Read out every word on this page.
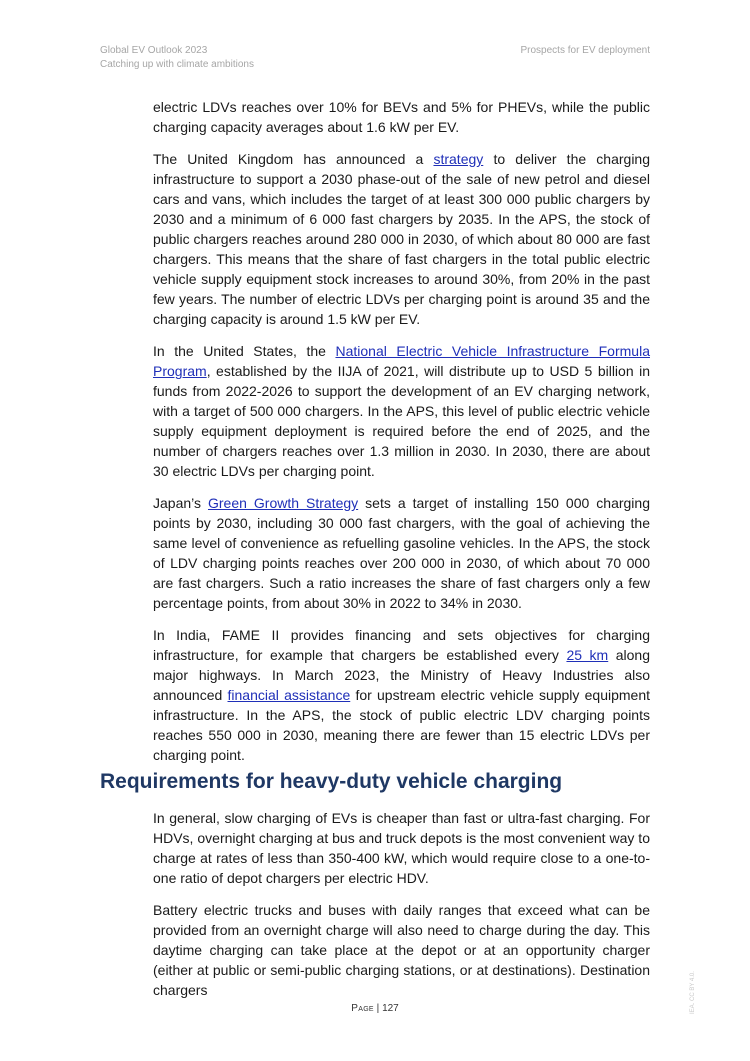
Global EV Outlook 2023
Catching up with climate ambitions
Prospects for EV deployment

electric LDVs reaches over 10% for BEVs and 5% for PHEVs, while the public charging capacity averages about 1.6 kW per EV.

The United Kingdom has announced a strategy to deliver the charging infrastructure to support a 2030 phase-out of the sale of new petrol and diesel cars and vans, which includes the target of at least 300 000 public chargers by 2030 and a minimum of 6 000 fast chargers by 2035. In the APS, the stock of public chargers reaches around 280 000 in 2030, of which about 80 000 are fast chargers. This means that the share of fast chargers in the total public electric vehicle supply equipment stock increases to around 30%, from 20% in the past few years. The number of electric LDVs per charging point is around 35 and the charging capacity is around 1.5 kW per EV.

In the United States, the National Electric Vehicle Infrastructure Formula Program, established by the IIJA of 2021, will distribute up to USD 5 billion in funds from 2022-2026 to support the development of an EV charging network, with a target of 500 000 chargers. In the APS, this level of public electric vehicle supply equipment deployment is required before the end of 2025, and the number of chargers reaches over 1.3 million in 2030. In 2030, there are about 30 electric LDVs per charging point.

Japan’s Green Growth Strategy sets a target of installing 150 000 charging points by 2030, including 30 000 fast chargers, with the goal of achieving the same level of convenience as refuelling gasoline vehicles. In the APS, the stock of LDV charging points reaches over 200 000 in 2030, of which about 70 000 are fast chargers. Such a ratio increases the share of fast chargers only a few percentage points, from about 30% in 2022 to 34% in 2030.

In India, FAME II provides financing and sets objectives for charging infrastructure, for example that chargers be established every 25 km along major highways. In March 2023, the Ministry of Heavy Industries also announced financial assistance for upstream electric vehicle supply equipment infrastructure. In the APS, the stock of public electric LDV charging points reaches 550 000 in 2030, meaning there are fewer than 15 electric LDVs per charging point.

Requirements for heavy-duty vehicle charging

In general, slow charging of EVs is cheaper than fast or ultra-fast charging. For HDVs, overnight charging at bus and truck depots is the most convenient way to charge at rates of less than 350-400 kW, which would require close to a one-to-one ratio of depot chargers per electric HDV.

Battery electric trucks and buses with daily ranges that exceed what can be provided from an overnight charge will also need to charge during the day. This daytime charging can take place at the depot or at an opportunity charger (either at public or semi-public charging stations, or at destinations). Destination chargers

Page | 127	IEA. CC BY 4.0.
